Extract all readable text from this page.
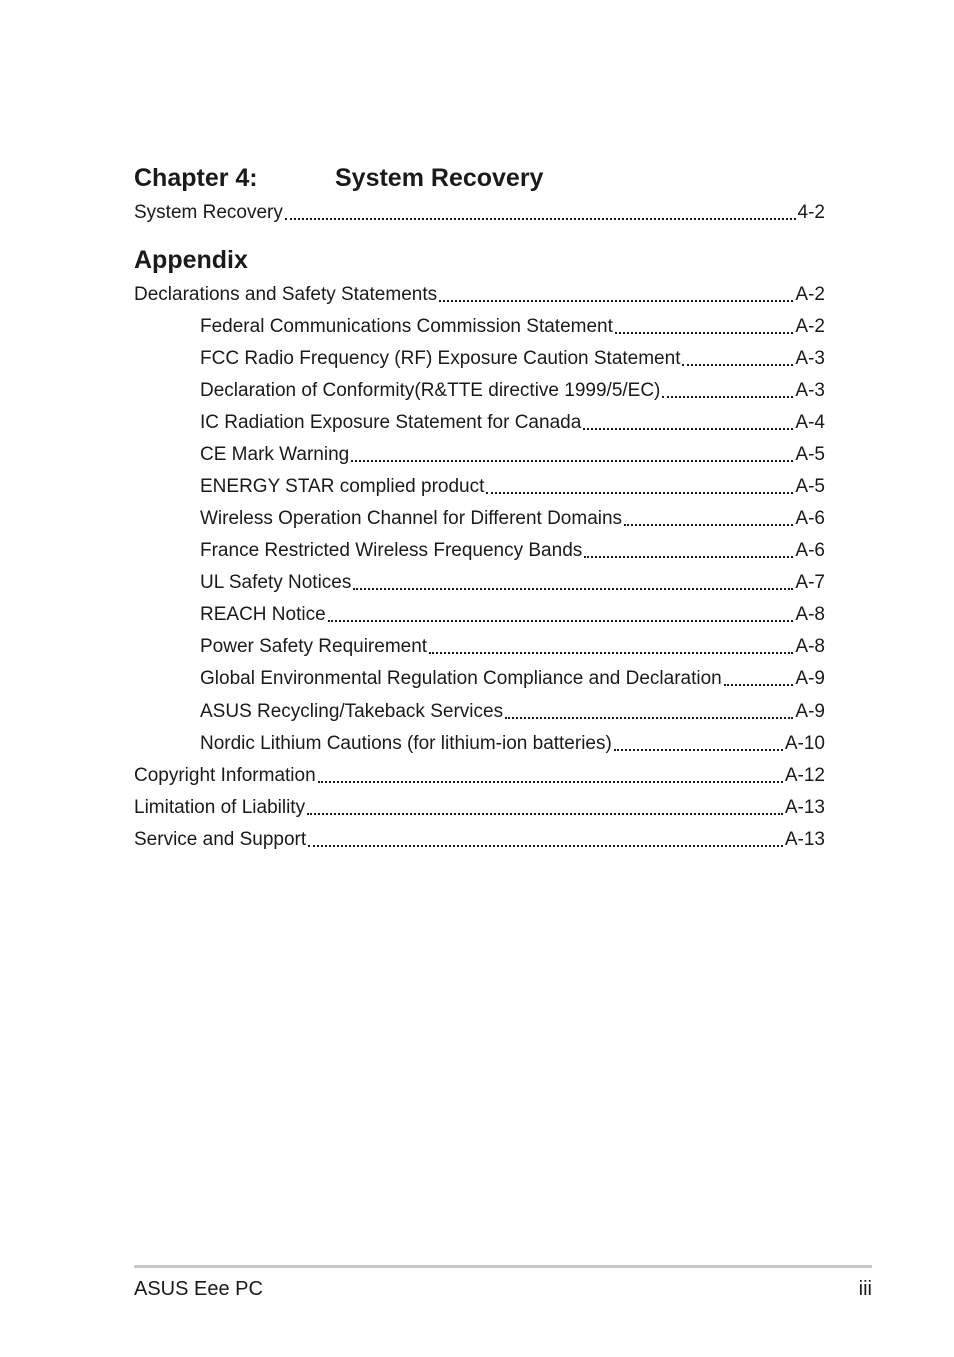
Chapter 4:	System Recovery
System Recovery	4-2
Appendix
Declarations and Safety Statements	A-2
Federal Communications Commission Statement	A-2
FCC Radio Frequency (RF) Exposure Caution Statement	A-3
Declaration of Conformity(R&TTE directive 1999/5/EC)	A-3
IC Radiation Exposure Statement for Canada	A-4
CE Mark Warning	A-5
ENERGY STAR complied product	A-5
Wireless Operation Channel for Different Domains	A-6
France Restricted Wireless Frequency Bands	A-6
UL Safety Notices	A-7
REACH Notice	A-8
Power Safety Requirement	A-8
Global Environmental Regulation Compliance and Declaration	A-9
ASUS Recycling/Takeback Services	A-9
Nordic Lithium Cautions (for lithium-ion batteries)	A-10
Copyright Information	A-12
Limitation of Liability	A-13
Service and Support	A-13
ASUS Eee PC	iii
